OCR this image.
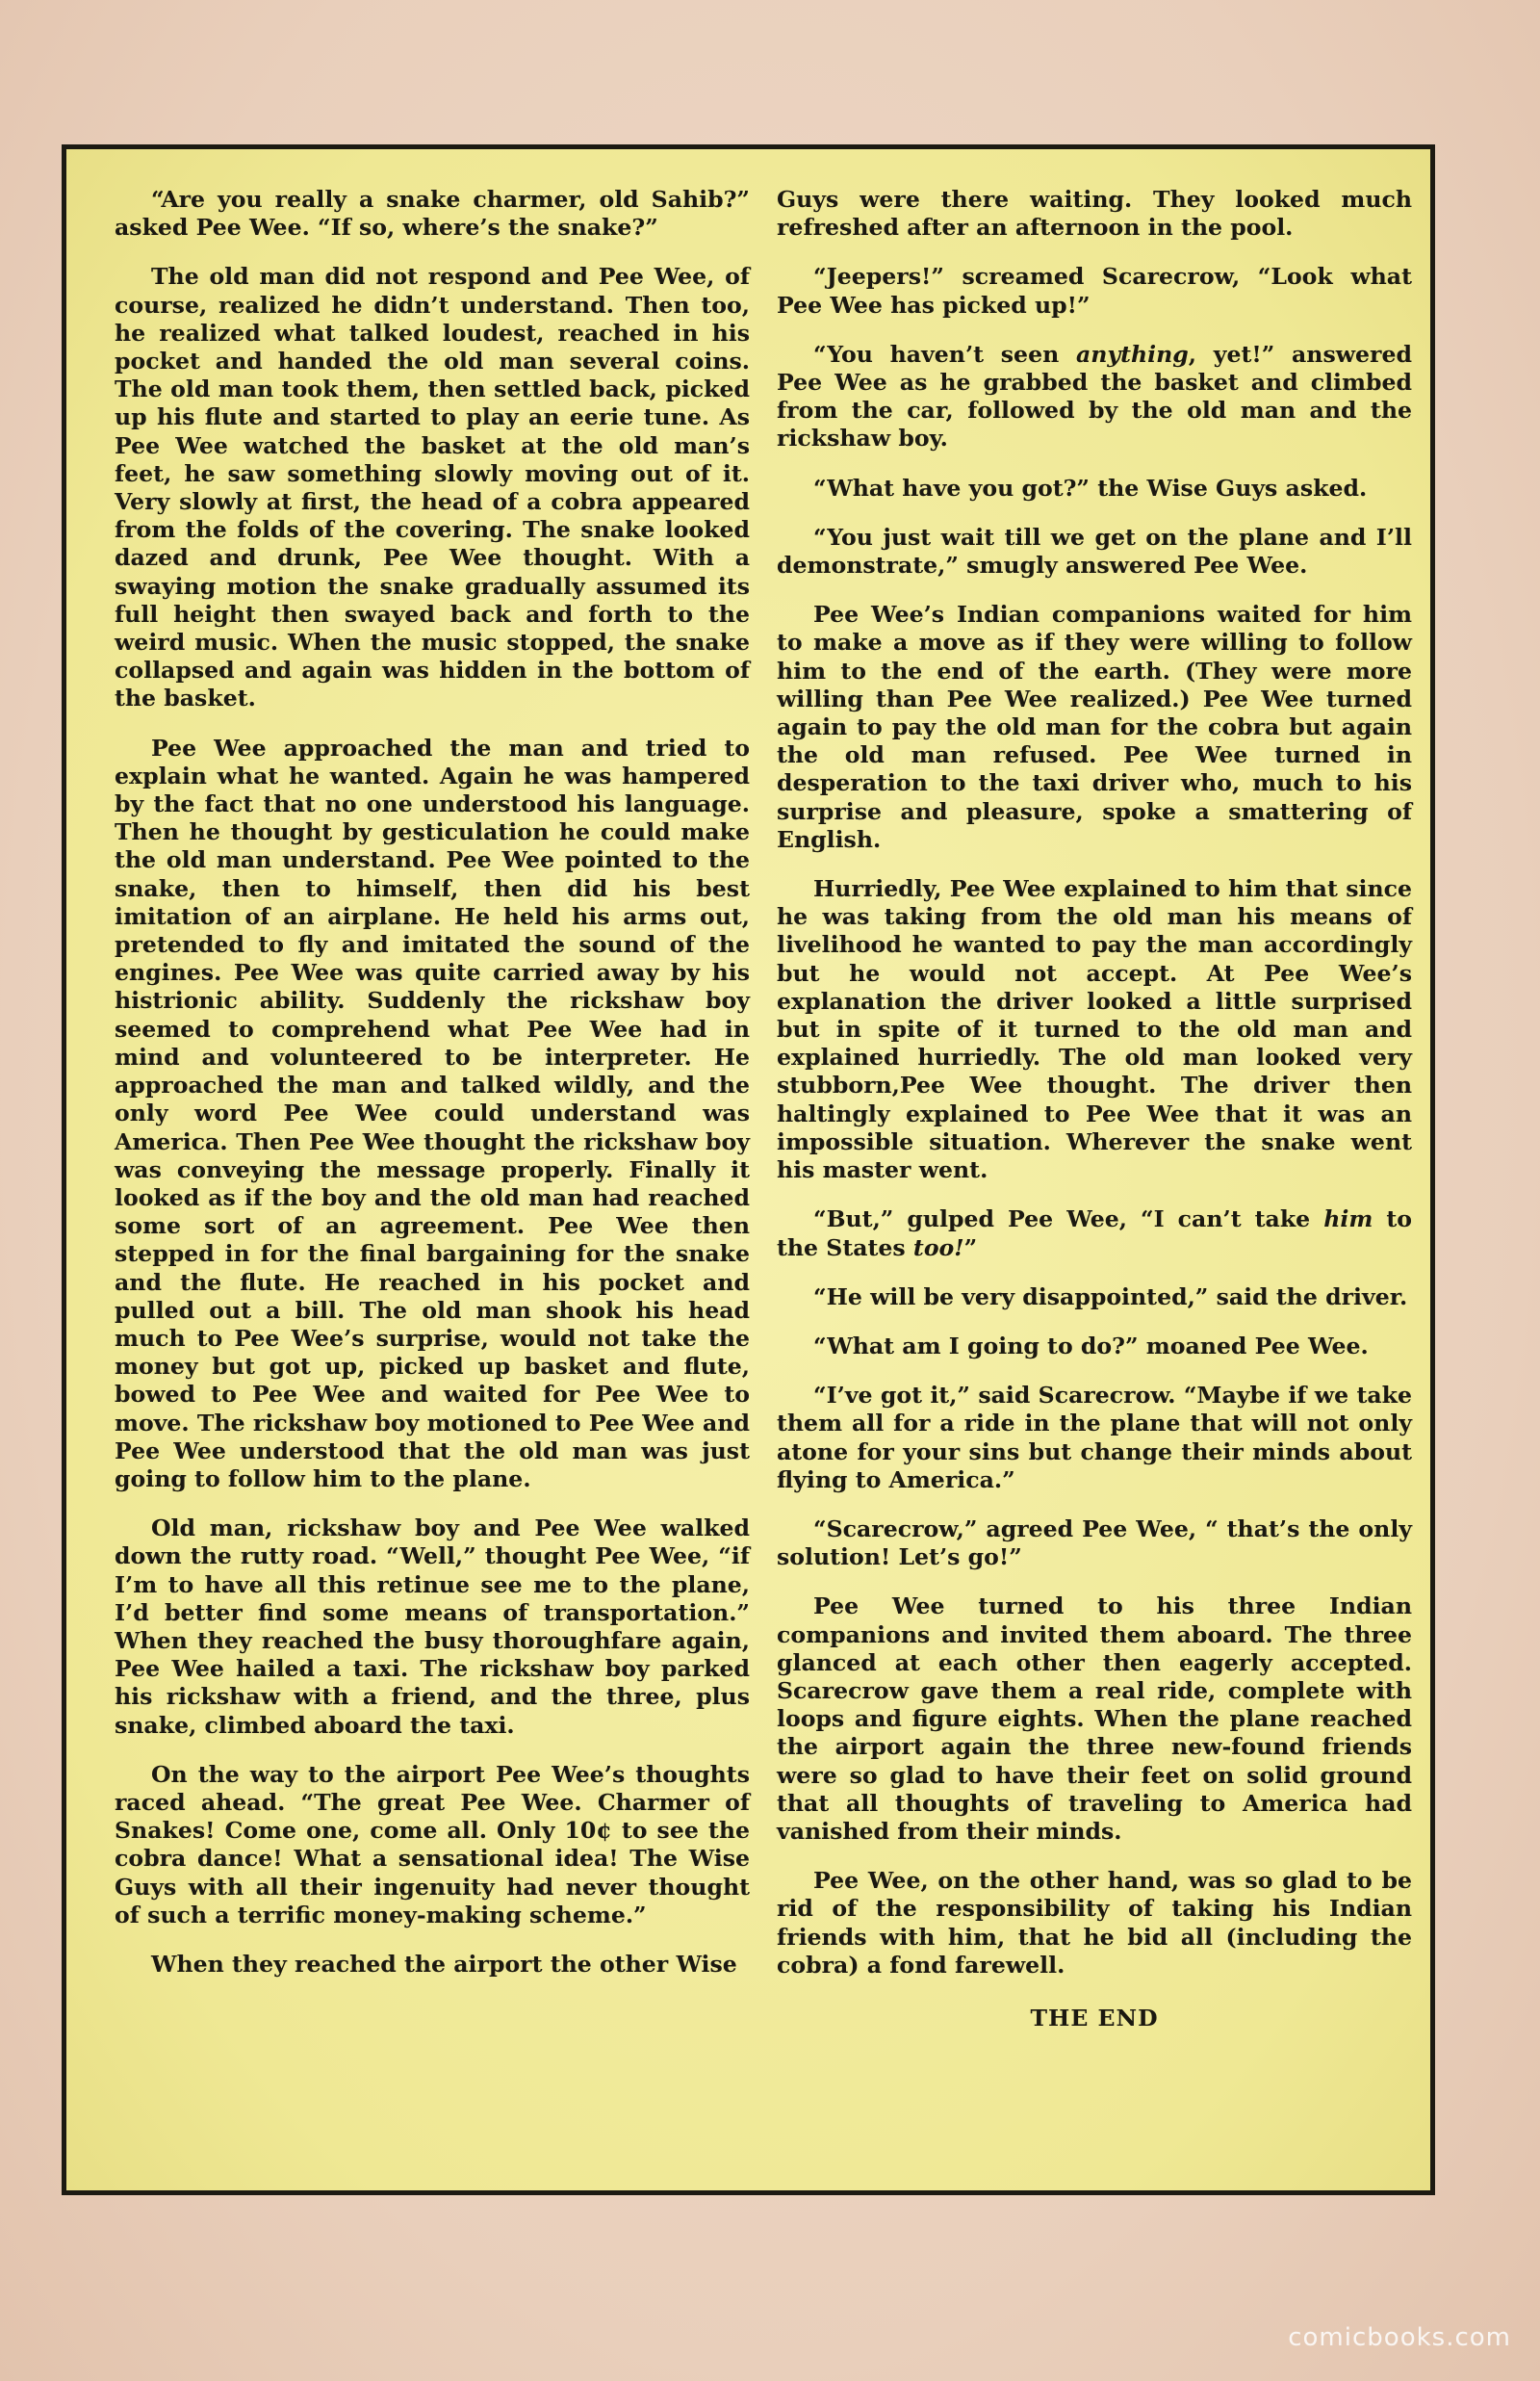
“Are you really a snake charmer, old Sahib?” asked Pee Wee. “If so, where’s the snake?”

The old man did not respond and Pee Wee, of course, realized he didn’t understand. Then too, he realized what talked loudest, reached in his pocket and handed the old man several coins. The old man took them, then settled back, picked up his flute and started to play an eerie tune. As Pee Wee watched the basket at the old man’s feet, he saw something slowly moving out of it. Very slowly at first, the head of a cobra appeared from the folds of the covering. The snake looked dazed and drunk, Pee Wee thought. With a swaying motion the snake gradually assumed its full height then swayed back and forth to the weird music. When the music stopped, the snake collapsed and again was hidden in the bottom of the basket.

Pee Wee approached the man and tried to explain what he wanted. Again he was hampered by the fact that no one understood his language. Then he thought by gesticulation he could make the old man understand. Pee Wee pointed to the snake, then to himself, then did his best imitation of an airplane. He held his arms out, pretended to fly and imitated the sound of the engines. Pee Wee was quite carried away by his histrionic ability. Suddenly the rickshaw boy seemed to comprehend what Pee Wee had in mind and volunteered to be interpreter. He approached the man and talked wildly, and the only word Pee Wee could understand was America. Then Pee Wee thought the rickshaw boy was conveying the message properly. Finally it looked as if the boy and the old man had reached some sort of an agreement. Pee Wee then stepped in for the final bargaining for the snake and the flute. He reached in his pocket and pulled out a bill. The old man shook his head much to Pee Wee’s surprise, would not take the money but got up, picked up basket and flute, bowed to Pee Wee and waited for Pee Wee to move. The rickshaw boy motioned to Pee Wee and Pee Wee understood that the old man was just going to follow him to the plane.

Old man, rickshaw boy and Pee Wee walked down the rutty road. “Well,” thought Pee Wee, “if I’m to have all this retinue see me to the plane, I’d better find some means of transportation.” When they reached the busy thoroughfare again, Pee Wee hailed a taxi. The rickshaw boy parked his rickshaw with a friend, and the three, plus snake, climbed aboard the taxi.

On the way to the airport Pee Wee’s thoughts raced ahead. “The great Pee Wee. Charmer of Snakes! Come one, come all. Only 10¢ to see the cobra dance! What a sensational idea! The Wise Guys with all their ingenuity had never thought of such a terrific money-making scheme.”

When they reached the airport the other Wise

Guys were there waiting. They looked much refreshed after an afternoon in the pool.

“Jeepers!” screamed Scarecrow, “Look what Pee Wee has picked up!”

“You haven’t seen anything, yet!” answered Pee Wee as he grabbed the basket and climbed from the car, followed by the old man and the rickshaw boy.

“What have you got?” the Wise Guys asked.

“You just wait till we get on the plane and I’ll demonstrate,” smugly answered Pee Wee.

Pee Wee’s Indian companions waited for him to make a move as if they were willing to follow him to the end of the earth. (They were more willing than Pee Wee realized.) Pee Wee turned again to pay the old man for the cobra but again the old man refused. Pee Wee turned in desperation to the taxi driver who, much to his surprise and pleasure, spoke a smattering of English.

Hurriedly, Pee Wee explained to him that since he was taking from the old man his means of livelihood he wanted to pay the man accordingly but he would not accept. At Pee Wee’s explanation the driver looked a little surprised but in spite of it turned to the old man and explained hurriedly. The old man looked very stubborn,Pee Wee thought. The driver then haltingly explained to Pee Wee that it was an impossible situation. Wherever the snake went his master went.

“But,” gulped Pee Wee, “I can’t take him to the States too!”

“He will be very disappointed,” said the driver.

“What am I going to do?” moaned Pee Wee.

“I’ve got it,” said Scarecrow. “Maybe if we take them all for a ride in the plane that will not only atone for your sins but change their minds about flying to America.”

“Scarecrow,” agreed Pee Wee, “ that’s the only solution! Let’s go!”

Pee Wee turned to his three Indian companions and invited them aboard. The three glanced at each other then eagerly accepted. Scarecrow gave them a real ride, complete with loops and figure eights. When the plane reached the airport again the three new-found friends were so glad to have their feet on solid ground that all thoughts of traveling to America had vanished from their minds.

Pee Wee, on the other hand, was so glad to be rid of the responsibility of taking his Indian friends with him, that he bid all (including the cobra) a fond farewell.

THE END

comicbooks.com
